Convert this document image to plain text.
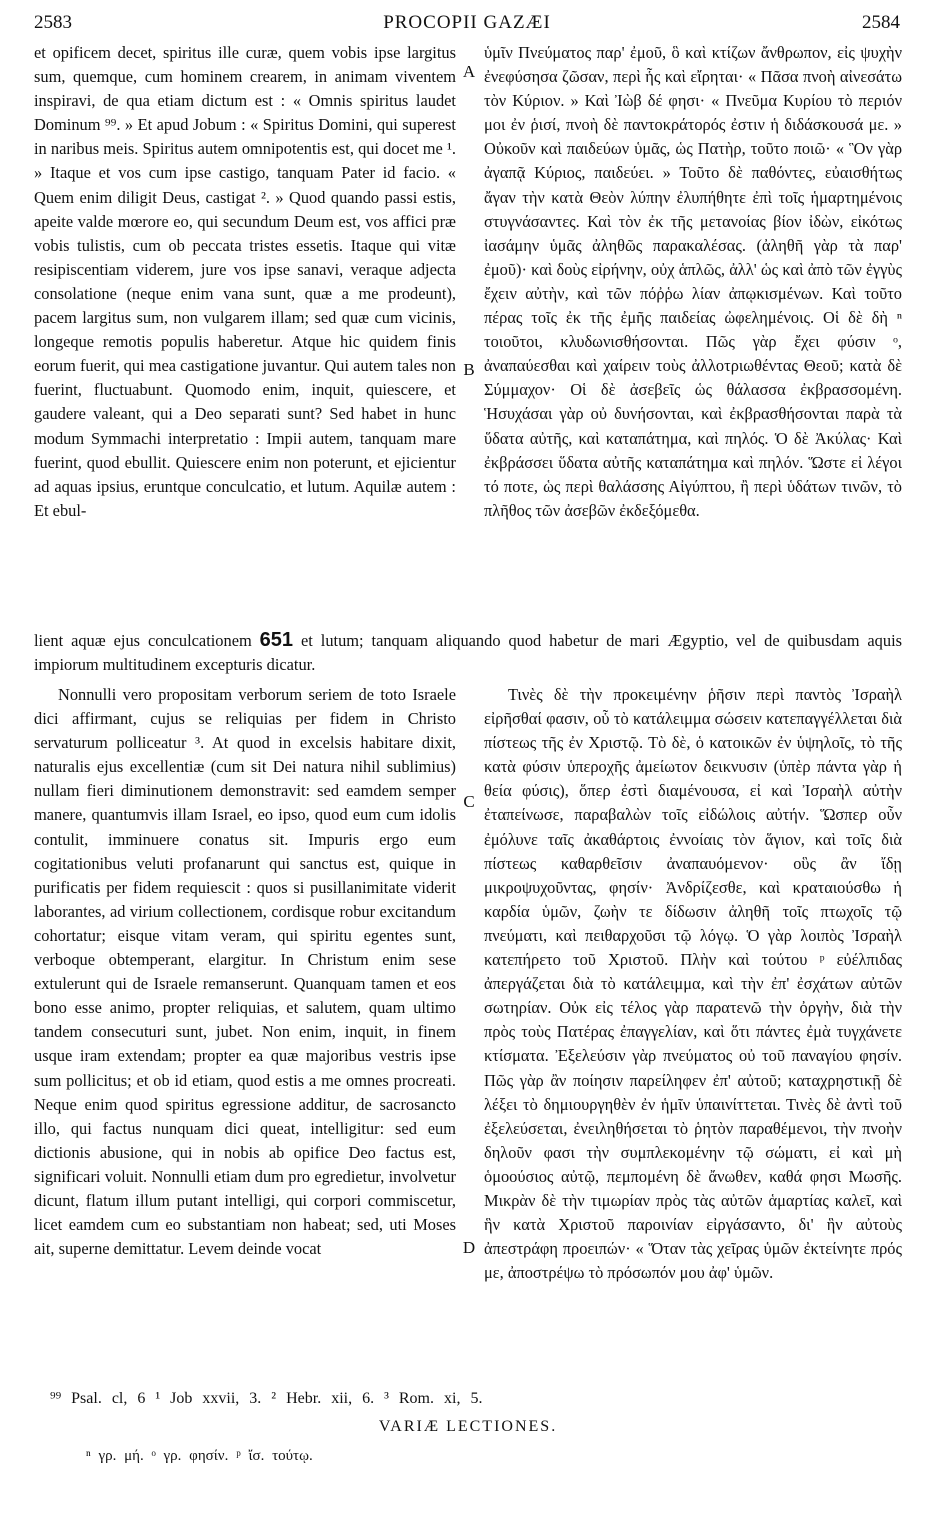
2583	PROCOPII GAZÆI	2584

et opificem decet, spiritus ille curæ, quem vobis ipse largitus sum, quemque, cum hominem crearem, in animam viventem inspiravi, de qua etiam dictum est : « Omnis spiritus laudet Dominum ⁹⁹. » Et apud Jobum : « Spiritus Domini, qui superest in naribus meis. Spiritus autem omnipotentis est, qui docet me ¹. » Itaque et vos cum ipse castigo, tanquam Pater id facio. « Quem enim diligit Deus, castigat ². » Quod quando passi estis, apeite valde mœrore eo, qui secundum Deum est, vos affici præ vobis tulistis, cum ob peccata tristes essetis. Itaque qui vitæ resipiscentiam viderem, jure vos ipse sanavi, veraque adjecta consolatione (neque enim vana sunt, quæ a me prodeunt), pacem largitus sum, non vulgarem illam; sed quæ cum vicinis, longeque remotis populis haberetur. Atque hic quidem finis eorum fuerit, qui mea castigatione juvantur. Qui autem tales non fuerint, fluctuabunt. Quomodo enim, inquit, quiescere, et gaudere valeant, qui a Deo separati sunt? Sed habet in hunc modum Symmachi interpretatio : Impii autem, tanquam mare fuerint, quod ebullit. Quiescere enim non poterunt, et ejicientur ad aquas ipsius, eruntque conculcatio, et lutum. Aquilæ autem : Et ebul-

ὑμῖν Πνεύματος παρ' ἐμοῦ, ὃ καὶ κτίζων ἄνθρωπον, εἰς ψυχὴν ἐνεφύσησα ζῶσαν, περὶ ἧς καὶ εἴρηται· « Πᾶσα πνοὴ αἰνεσάτω τὸν Κύριον. » Καὶ Ἰὼβ δέ φησι· « Πνεῦμα Κυρίου τὸ περιόν μοι ἐν ῥισί, πνοὴ δὲ παντοκράτορός ἐστιν ἡ διδάσκουσά με. » Οὐκοῦν καὶ παιδεύων ὑμᾶς, ὡς Πατὴρ, τοῦτο ποιῶ· « Ὃν γὰρ ἀγαπᾷ Κύριος, παιδεύει. » Τοῦτο δὲ παθόντες, εὐαισθήτως ἄγαν τὴν κατὰ Θεὸν λύπην ἐλυπήθητε ἐπὶ τοῖς ἡμαρτημένοις στυγνάσαντες. Καὶ τὸν ἐκ τῆς μετανοίας βίον ἰδὼν, εἰκότως ἰασάμην ὑμᾶς ἀληθῶς παρακαλέσας. (ἀληθῆ γὰρ τὰ παρ' ἐμοῦ)· καὶ δοὺς εἰρήνην, οὐχ ἁπλῶς, ἀλλ' ὡς καὶ ἀπὸ τῶν ἐγγὺς ἔχειν αὐτὴν, καὶ τῶν πόῤῥω λίαν ἀπῳκισμένων. Καὶ τοῦτο πέρας τοῖς ἐκ τῆς ἐμῆς παιδείας ὠφελημένοις. Οἱ δὲ δὴ ⁿ τοιοῦτοι, κλυδωνισθήσονται. Πῶς γὰρ ἔχει φύσιν ᵒ, ἀναπαύεσθαι καὶ χαίρειν τοὺς ἀλλοτριωθέντας Θεοῦ; κατὰ δὲ Σύμμαχον· Οἱ δὲ ἀσεβεῖς ὡς θάλασσα ἐκβρασσομένη. Ἡσυχάσαι γὰρ οὐ δυνήσονται, καὶ ἐκβρασθήσονται παρὰ τὰ ὕδατα αὐτῆς, καὶ καταπάτημα, καὶ πηλός. Ὁ δὲ Ἀκύλας· Καὶ ἐκβράσσει ὕδατα αὐτῆς καταπάτημα καὶ πηλόν. Ὥστε εἰ λέγοι τό ποτε, ὡς περὶ θαλάσσης Αἰγύπτου, ἢ περὶ ὑδάτων τινῶν, τὸ πλῆθος τῶν ἀσεβῶν ἐκδεξόμεθα.

A
B
C
D
lient aquæ ejus conculcationem 651 et lutum; tanquam aliquando quod habetur de mari Ægyptio, vel de quibusdam aquis impiorum multitudinem excepturis dicatur.

Nonnulli vero propositam verborum seriem de toto Israele dici affirmant, cujus se reliquias per fidem in Christo servaturum polliceatur ³. At quod in excelsis habitare dixit, naturalis ejus excellentiæ (cum sit Dei natura nihil sublimius) nullam fieri diminutionem demonstravit: sed eamdem semper manere, quantumvis illam Israel, eo ipso, quod eum cum idolis contulit, imminuere conatus sit. Impuris ergo eum cogitationibus veluti profanarunt qui sanctus est, quique in purificatis per fidem requiescit : quos si pusillanimitate viderit laborantes, ad virium collectionem, cordisque robur excitandum cohortatur; eisque vitam veram, qui spiritu egentes sunt, verboque obtemperant, elargitur. In Christum enim sese extulerunt qui de Israele remanserunt. Quanquam tamen et eos bono esse animo, propter reliquias, et salutem, quam ultimo tandem consecuturi sunt, jubet. Non enim, inquit, in finem usque iram extendam; propter ea quæ majoribus vestris ipse sum pollicitus; et ob id etiam, quod estis a me omnes procreati. Neque enim quod spiritus egressione additur, de sacrosancto illo, qui factus nunquam dici queat, intelligitur: sed eum dictionis abusione, qui in nobis ab opifice Deo factus est, significari voluit. Nonnulli etiam dum pro egredietur, involvetur dicunt, flatum illum putant intelligi, qui corpori commiscetur, licet eamdem cum eo substantiam non habeat; sed, uti Moses ait, superne demittatur. Levem deinde vocat

Τινὲς δὲ τὴν προκειμένην ῥῆσιν περὶ παντὸς Ἰσραὴλ εἰρῆσθαί φασιν, οὗ τὸ κατάλειμμα σώσειν κατεπαγγέλλεται διὰ πίστεως τῆς ἐν Χριστῷ. Τὸ δὲ, ὁ κατοικῶν ἐν ὑψηλοῖς, τὸ τῆς κατὰ φύσιν ὑπεροχῆς ἀμείωτον δεικνυσιν (ὑπὲρ πάντα γὰρ ἡ θεία φύσις), ὅπερ ἐστὶ διαμένουσα, εἰ καὶ Ἰσραὴλ αὐτὴν ἐταπείνωσε, παραβαλὼν τοῖς εἰδώλοις αὐτήν. Ὥσπερ οὖν ἐμόλυνε ταῖς ἀκαθάρτοις ἐννοίαις τὸν ἅγιον, καὶ τοῖς διὰ πίστεως καθαρθεῖσιν ἀναπαυόμενον· οὓς ἂν ἴδῃ μικροψυχοῦντας, φησίν· Ἀνδρίζεσθε, καὶ κραταιούσθω ἡ καρδία ὑμῶν, ζωὴν τε δίδωσιν ἀληθῆ τοῖς πτωχοῖς τῷ πνεύματι, καὶ πειθαρχοῦσι τῷ λόγῳ. Ὁ γὰρ λοιπὸς Ἰσραὴλ κατεπήρετο τοῦ Χριστοῦ. Πλὴν καὶ τούτου ᵖ εὐέλπιδας ἀπεργάζεται διὰ τὸ κατάλειμμα, καὶ τὴν ἐπ' ἐσχάτων αὐτῶν σωτηρίαν. Οὐκ εἰς τέλος γὰρ παρατενῶ τὴν ὀργὴν, διὰ τὴν πρὸς τοὺς Πατέρας ἐπαγγελίαν, καὶ ὅτι πάντες ἐμὰ τυγχάνετε κτίσματα. Ἐξελεύσιν γὰρ πνεύματος οὐ τοῦ παναγίου φησίν. Πῶς γὰρ ἂν ποίησιν παρείληφεν ἐπ' αὐτοῦ; καταχρηστικῇ δὲ λέξει τὸ δημιουργηθὲν ἐν ἡμῖν ὑπαινίττεται. Τινὲς δὲ ἀντὶ τοῦ ἐξελεύσεται, ἐνειληθήσεται τὸ ῥητὸν παραθέμενοι, τὴν πνοὴν δηλοῦν φασι τὴν συμπλεκομένην τῷ σώματι, εἰ καὶ μὴ ὁμοούσιος αὐτῷ, πεμπομένη δὲ ἄνωθεν, καθά φησι Μωσῆς. Μικρὰν δὲ τὴν τιμωρίαν πρὸς τὰς αὐτῶν ἁμαρτίας καλεῖ, καὶ ἣν κατὰ Χριστοῦ παροινίαν εἰργάσαντο, δι' ἣν αὐτοὺς ἀπεστράφη προειπών· « Ὅταν τὰς χεῖρας ὑμῶν ἐκτείνητε πρός με, ἀποστρέψω τὸ πρόσωπόν μου ἀφ' ὑμῶν.

⁹⁹ Psal. cl, 6 ¹ Job xxvii, 3. ² Hebr. xii, 6. ³ Rom. xi, 5.
VARIÆ LECTIONES.
ⁿ γρ. μή. ᵒ γρ. φησίν. ᵖ ἴσ. τούτῳ.
